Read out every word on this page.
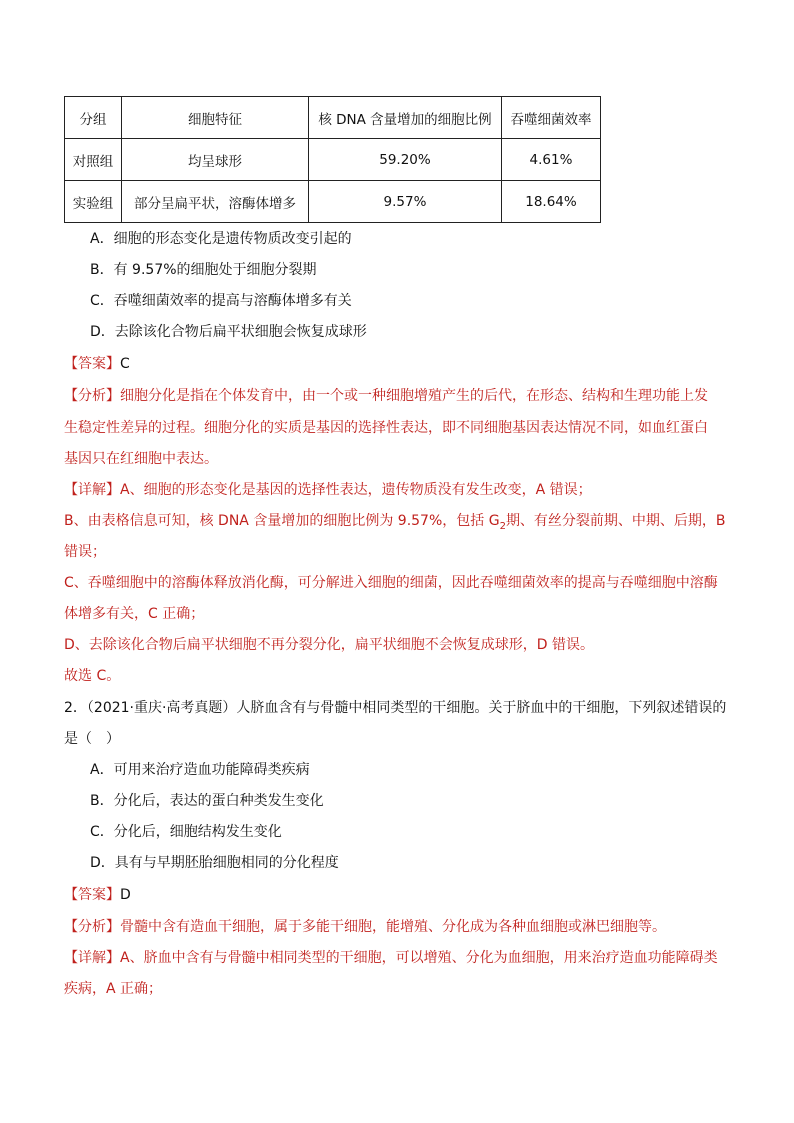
分组	细胞特征	核 DNA 含量增加的细胞比例	吞噬细菌效率
对照组	均呈球形	59.20%	4.61%
实验组	部分呈扁平状，溶酶体增多	9.57%	18.64%
A．细胞的形态变化是遗传物质改变引起的
B．有 9.57%的细胞处于细胞分裂期
C．吞噬细菌效率的提高与溶酶体增多有关
D．去除该化合物后扁平状细胞会恢复成球形
【答案】C
【分析】细胞分化是指在个体发育中，由一个或一种细胞增殖产生的后代，在形态、结构和生理功能上发
生稳定性差异的过程。细胞分化的实质是基因的选择性表达，即不同细胞基因表达情况不同，如血红蛋白
基因只在红细胞中表达。
【详解】A、细胞的形态变化是基因的选择性表达，遗传物质没有发生改变，A 错误；
B、由表格信息可知，核 DNA 含量增加的细胞比例为 9.57%，包括 $G_2$期、有丝分裂前期、中期、后期，B
错误；
C、吞噬细胞中的溶酶体释放消化酶，可分解进入细胞的细菌，因此吞噬细菌效率的提高与吞噬细胞中溶酶
体增多有关，C 正确；
D、去除该化合物后扁平状细胞不再分裂分化，扁平状细胞不会恢复成球形，D 错误。
故选 C。
2．（2021·重庆·高考真题）人脐血含有与骨髓中相同类型的干细胞。关于脐血中的干细胞，下列叙述错误的
是（　）
A．可用来治疗造血功能障碍类疾病
B．分化后，表达的蛋白种类发生变化
C．分化后，细胞结构发生变化
D．具有与早期胚胎细胞相同的分化程度
【答案】D
【分析】骨髓中含有造血干细胞，属于多能干细胞，能增殖、分化成为各种血细胞或淋巴细胞等。
【详解】A、脐血中含有与骨髓中相同类型的干细胞，可以增殖、分化为血细胞，用来治疗造血功能障碍类
疾病，A 正确；
